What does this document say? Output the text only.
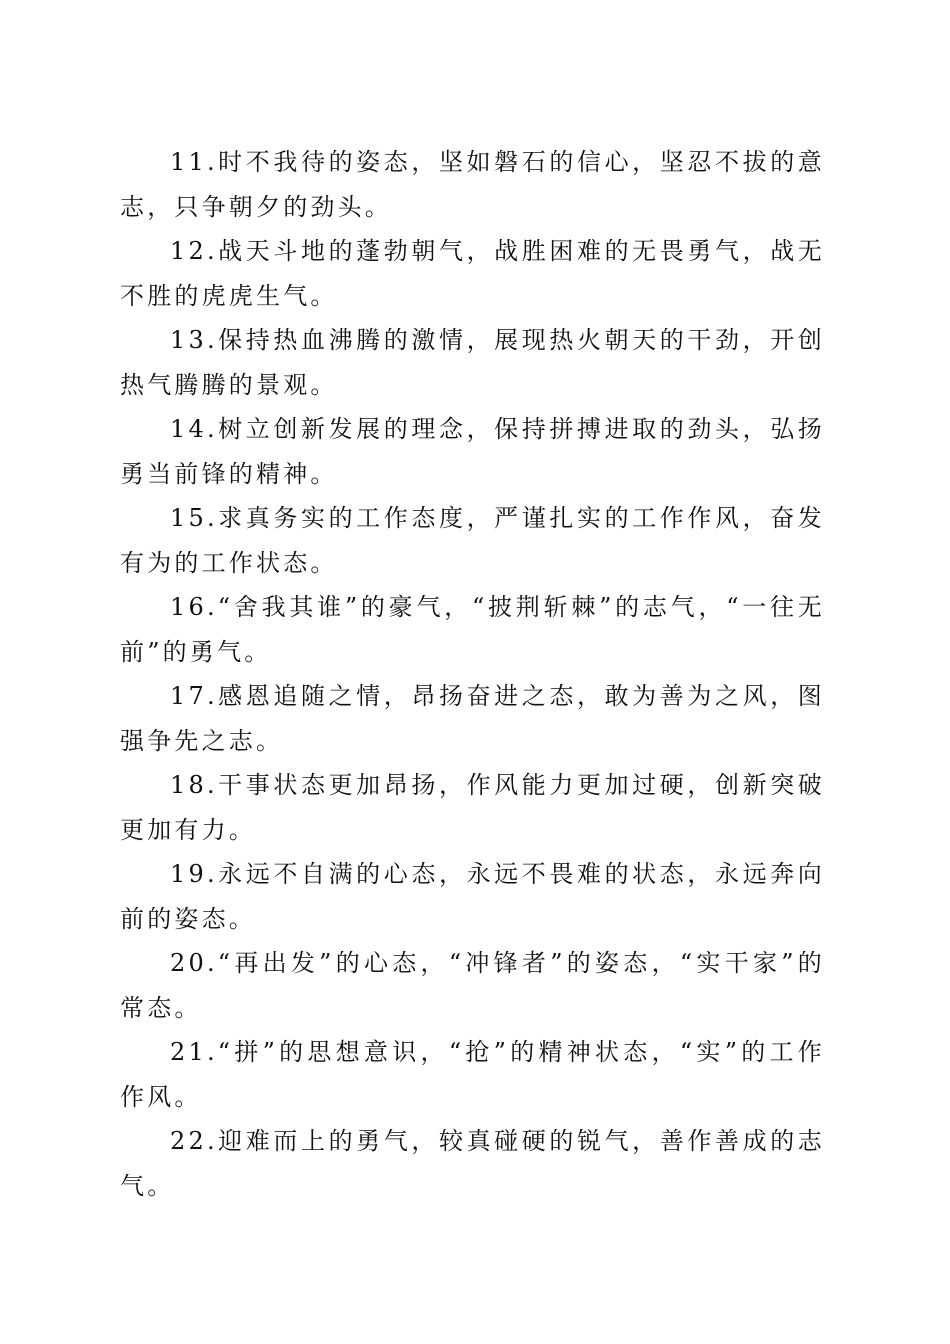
11.时不我待的姿态，坚如磐石的信心，坚忍不拔的意志，只争朝夕的劲头。

12.战天斗地的蓬勃朝气，战胜困难的无畏勇气，战无不胜的虎虎生气。

13.保持热血沸腾的激情，展现热火朝天的干劲，开创热气腾腾的景观。

14.树立创新发展的理念，保持拼搏进取的劲头，弘扬勇当前锋的精神。

15.求真务实的工作态度，严谨扎实的工作作风，奋发有为的工作状态。

16.“舍我其谁”的豪气，“披荆斩棘”的志气，“一往无前”的勇气。

17.感恩追随之情，昂扬奋进之态，敢为善为之风，图强争先之志。

18.干事状态更加昂扬，作风能力更加过硬，创新突破更加有力。

19.永远不自满的心态，永远不畏难的状态，永远奔向前的姿态。

20.“再出发”的心态，“冲锋者”的姿态，“实干家”的常态。

21.“拼”的思想意识，“抢”的精神状态，“实”的工作作风。

22.迎难而上的勇气，较真碰硬的锐气，善作善成的志气。
